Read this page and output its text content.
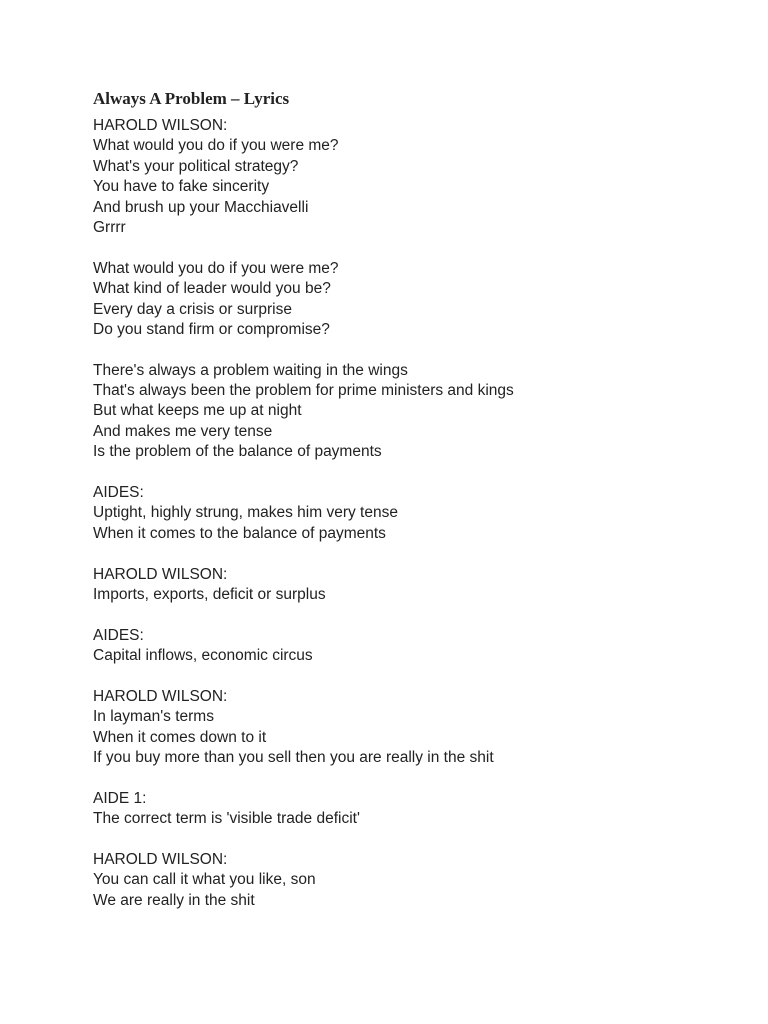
Always A Problem – Lyrics
HAROLD WILSON:
What would you do if you were me?
What's your political strategy?
You have to fake sincerity
And brush up your Macchiavelli
Grrrr
What would you do if you were me?
What kind of leader would you be?
Every day a crisis or surprise
Do you stand firm or compromise?
There's always a problem waiting in the wings
That's always been the problem for prime ministers and kings
But what keeps me up at night
And makes me very tense
Is the problem of the balance of payments
AIDES:
Uptight, highly strung, makes him very tense
When it comes to the balance of payments
HAROLD WILSON:
Imports, exports, deficit or surplus
AIDES:
Capital inflows, economic circus
HAROLD WILSON:
In layman's terms
When it comes down to it
If you buy more than you sell then you are really in the shit
AIDE 1:
The correct term is 'visible trade deficit'
HAROLD WILSON:
You can call it what you like, son
We are really in the shit
